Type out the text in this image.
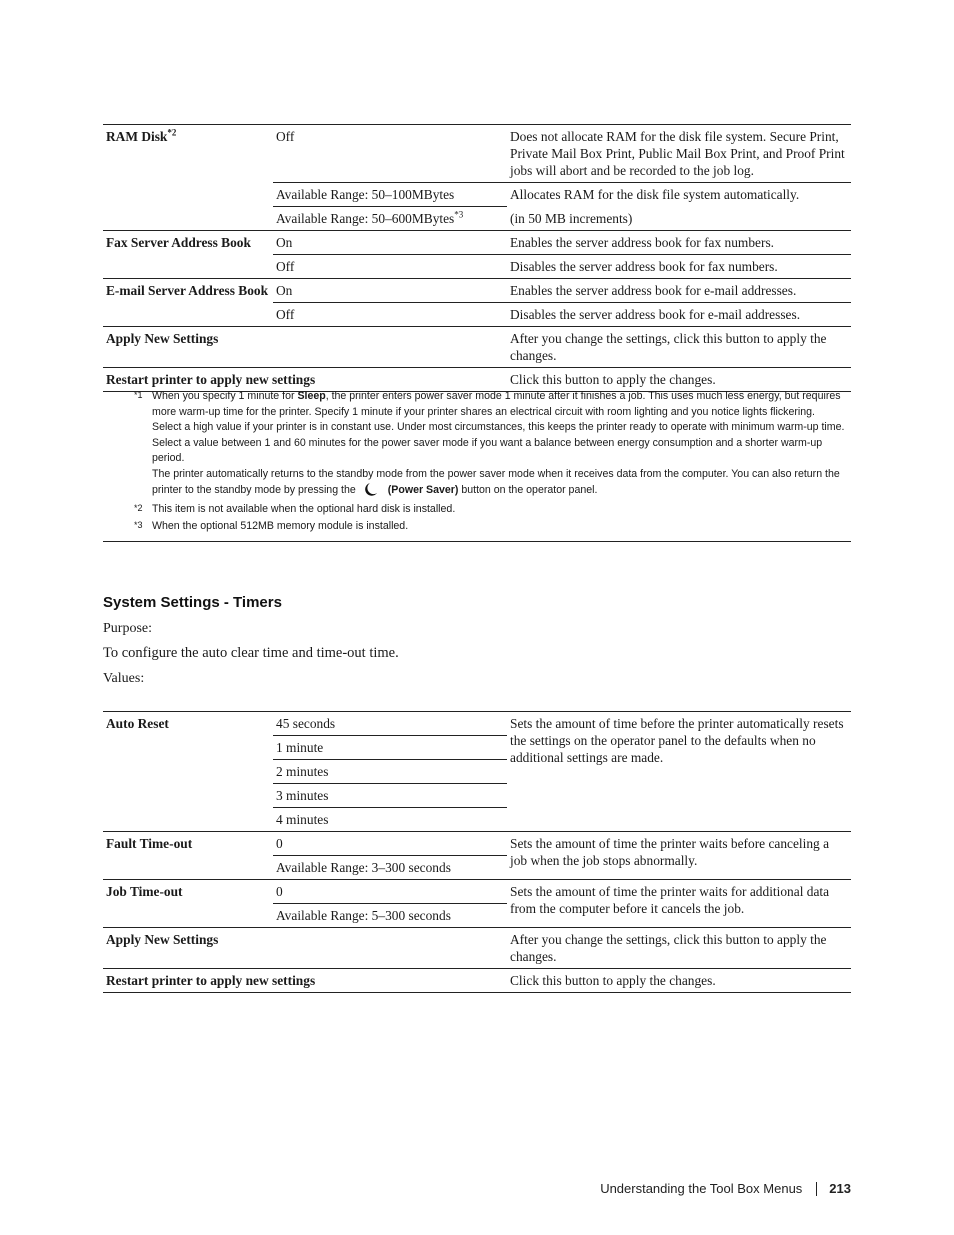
RAM Disk$^{*2}$	Off	Does not allocate RAM for the disk file system. Secure Print, Private Mail Box Print, Public Mail Box Print, and Proof Print jobs will abort and be recorded to the job log.
	Available Range: 50–100MBytes	Allocates RAM for the disk file system automatically.
	Available Range: 50–600MBytes$^{*3}$	(in 50 MB increments)
Fax Server Address Book	On	Enables the server address book for fax numbers.
	Off	Disables the server address book for fax numbers.
E-mail Server Address Book	On	Enables the server address book for e-mail addresses.
	Off	Disables the server address book for e-mail addresses.
Apply New Settings		After you change the settings, click this button to apply the changes.
Restart printer to apply new settings		Click this button to apply the changes.
*1 When you specify 1 minute for Sleep, the printer enters power saver mode 1 minute after it finishes a job. This uses much less energy, but requires more warm-up time for the printer. Specify 1 minute if your printer shares an electrical circuit with room lighting and you notice lights flickering.

Select a high value if your printer is in constant use. Under most circumstances, this keeps the printer ready to operate with minimum warm-up time.

Select a value between 1 and 60 minutes for the power saver mode if you want a balance between energy consumption and a shorter warm-up period.

The printer automatically returns to the standby mode from the power saver mode when it receives data from the computer. You can also return the printer to the standby mode by pressing the	(Power Saver) button on the operator panel.

*2 This item is not available when the optional hard disk is installed.

*3 When the optional 512MB memory module is installed.

System Settings - Timers
Purpose:
To configure the auto clear time and time-out time.
Values:
Auto Reset	45 seconds	Sets the amount of time before the printer automatically resets the settings on the operator panel to the defaults when no additional settings are made.
	1 minute	
	2 minutes	
	3 minutes	
	4 minutes	
Fault Time-out	0	Sets the amount of time the printer waits before canceling a job when the job stops abnormally.
	Available Range: 3–300 seconds	
Job Time-out	0	Sets the amount of time the printer waits for additional data from the computer before it cancels the job.
	Available Range: 5–300 seconds	
Apply New Settings		After you change the settings, click this button to apply the changes.
Restart printer to apply new settings		Click this button to apply the changes.
Understanding the Tool Box Menus 213
